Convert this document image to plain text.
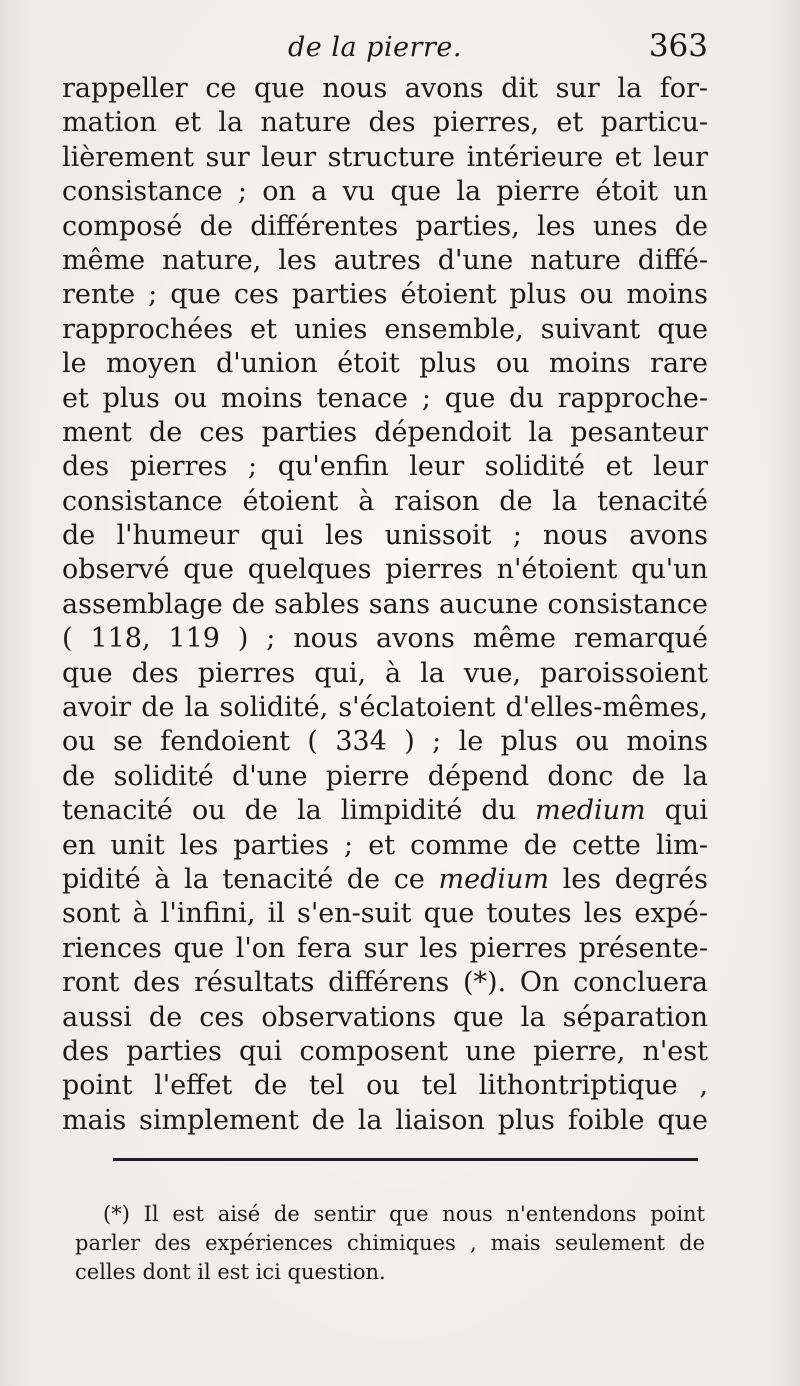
de la pierre.	363
rappeller ce que nous avons dit sur la for-
mation et la nature des pierres, et particu-
lièrement sur leur structure intérieure et leur
consistance ; on a vu que la pierre étoit un
composé de différentes parties, les unes de
même nature, les autres d'une nature diffé-
rente ; que ces parties étoient plus ou moins
rapprochées et unies ensemble, suivant que
le moyen d'union étoit plus ou moins rare
et plus ou moins tenace ; que du rapproche-
ment de ces parties dépendoit la pesanteur
des pierres ; qu'enfin leur solidité et leur
consistance étoient à raison de la tenacité
de l'humeur qui les unissoit ; nous avons
observé que quelques pierres n'étoient qu'un
assemblage de sables sans aucune consistance
( 118, 119 ) ; nous avons même remarqué
que des pierres qui, à la vue, paroissoient
avoir de la solidité, s'éclatoient d'elles-mêmes,
ou se fendoient ( 334 ) ; le plus ou moins
de solidité d'une pierre dépend donc de la
tenacité ou de la limpidité du medium qui
en unit les parties ; et comme de cette lim-
pidité à la tenacité de ce medium les degrés
sont à l'infini, il s'en-suit que toutes les expé-
riences que l'on fera sur les pierres présente-
ront des résultats différens (*). On concluera
aussi de ces observations que la séparation
des parties qui composent une pierre, n'est
point l'effet de tel ou tel lithontriptique ,
mais simplement de la liaison plus foible que
(*) Il est aisé de sentir que nous n'entendons point
parler des expériences chimiques , mais seulement de
celles dont il est ici question.
